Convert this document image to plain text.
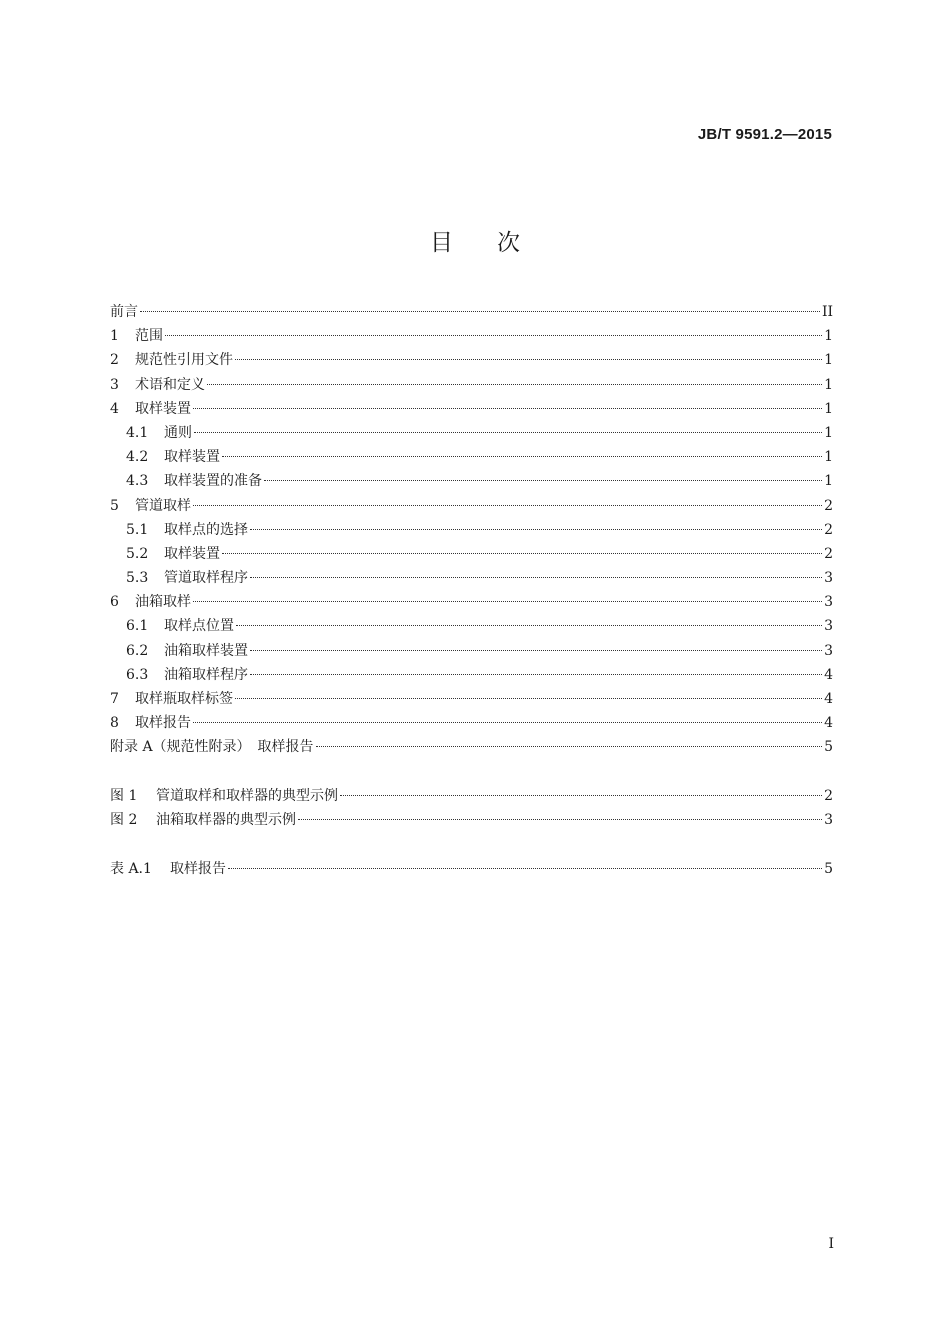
JB/T 9591.2—2015
目次
前言	II
1	范围	1
2	规范性引用文件	1
3	术语和定义	1
4	取样装置	1
4.1	通则	1
4.2	取样装置	1
4.3	取样装置的准备	1
5	管道取样	2
5.1	取样点的选择	2
5.2	取样装置	2
5.3	管道取样程序	3
6	油箱取样	3
6.1	取样点位置	3
6.2	油箱取样装置	3
6.3	油箱取样程序	4
7	取样瓶取样标签	4
8	取样报告	4
附录 A（规范性附录）　取样报告	5
图 1	管道取样和取样器的典型示例	2
图 2	油箱取样器的典型示例	3
表 A.1	取样报告	5
I
